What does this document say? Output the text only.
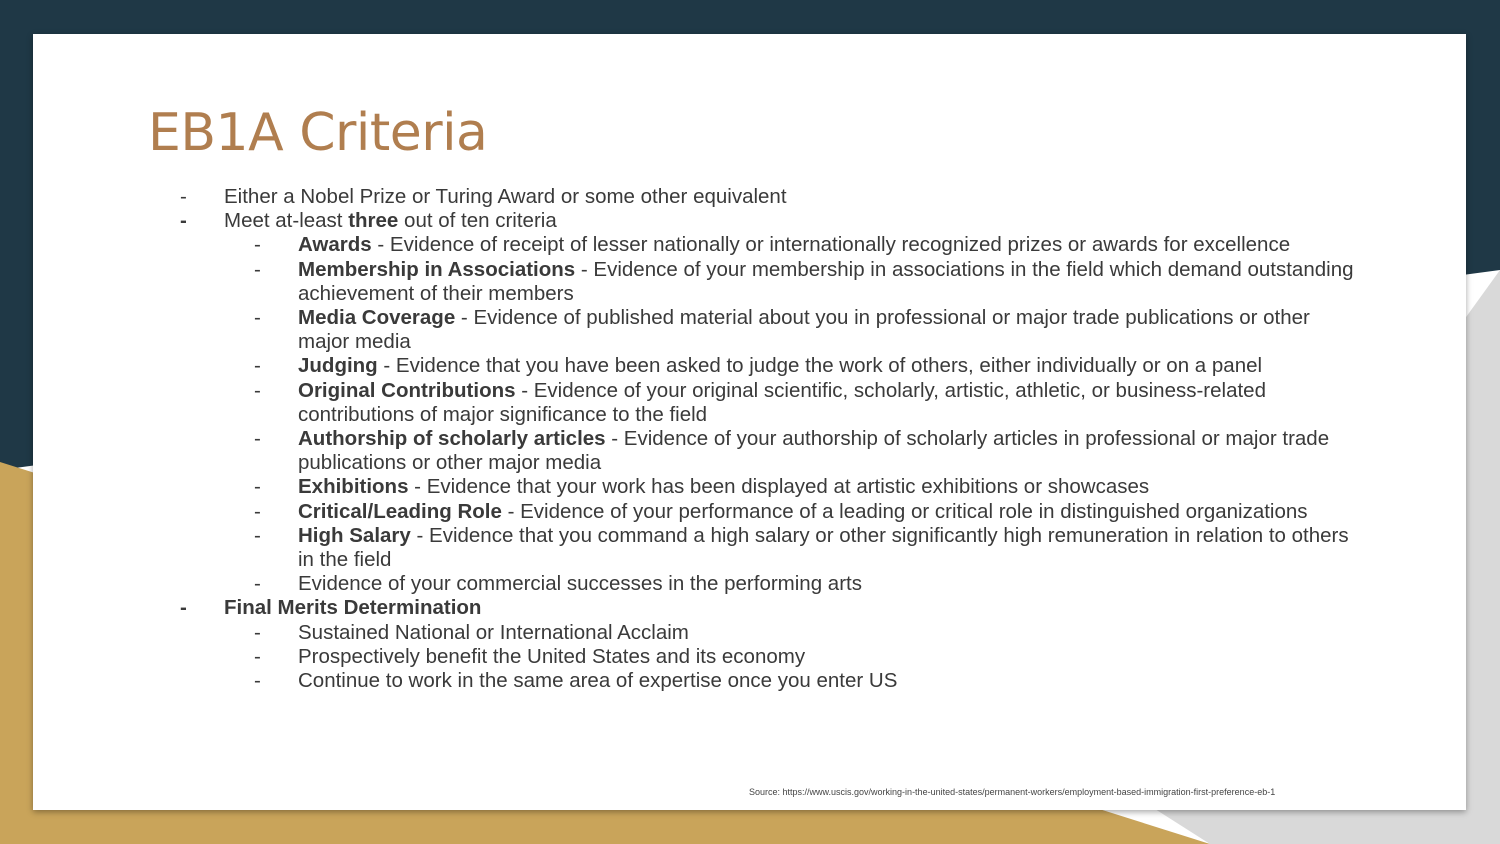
EB1A Criteria
- Either a Nobel Prize or Turing Award or some other equivalent
- Meet at-least three out of ten criteria
- Awards - Evidence of receipt of lesser nationally or internationally recognized prizes or awards for excellence
- Membership in Associations - Evidence of your membership in associations in the field which demand outstanding achievement of their members
- Media Coverage - Evidence of published material about you in professional or major trade publications or other major media
- Judging - Evidence that you have been asked to judge the work of others, either individually or on a panel
- Original Contributions - Evidence of your original scientific, scholarly, artistic, athletic, or business-related contributions of major significance to the field
- Authorship of scholarly articles - Evidence of your authorship of scholarly articles in professional or major trade publications or other major media
- Exhibitions - Evidence that your work has been displayed at artistic exhibitions or showcases
- Critical/Leading Role - Evidence of your performance of a leading or critical role in distinguished organizations
- High Salary - Evidence that you command a high salary or other significantly high remuneration in relation to others in the field
- Evidence of your commercial successes in the performing arts
- Final Merits Determination
- Sustained National or International Acclaim
- Prospectively benefit the United States and its economy
- Continue to work in the same area of expertise once you enter US
Source: https://www.uscis.gov/working-in-the-united-states/permanent-workers/employment-based-immigration-first-preference-eb-1
